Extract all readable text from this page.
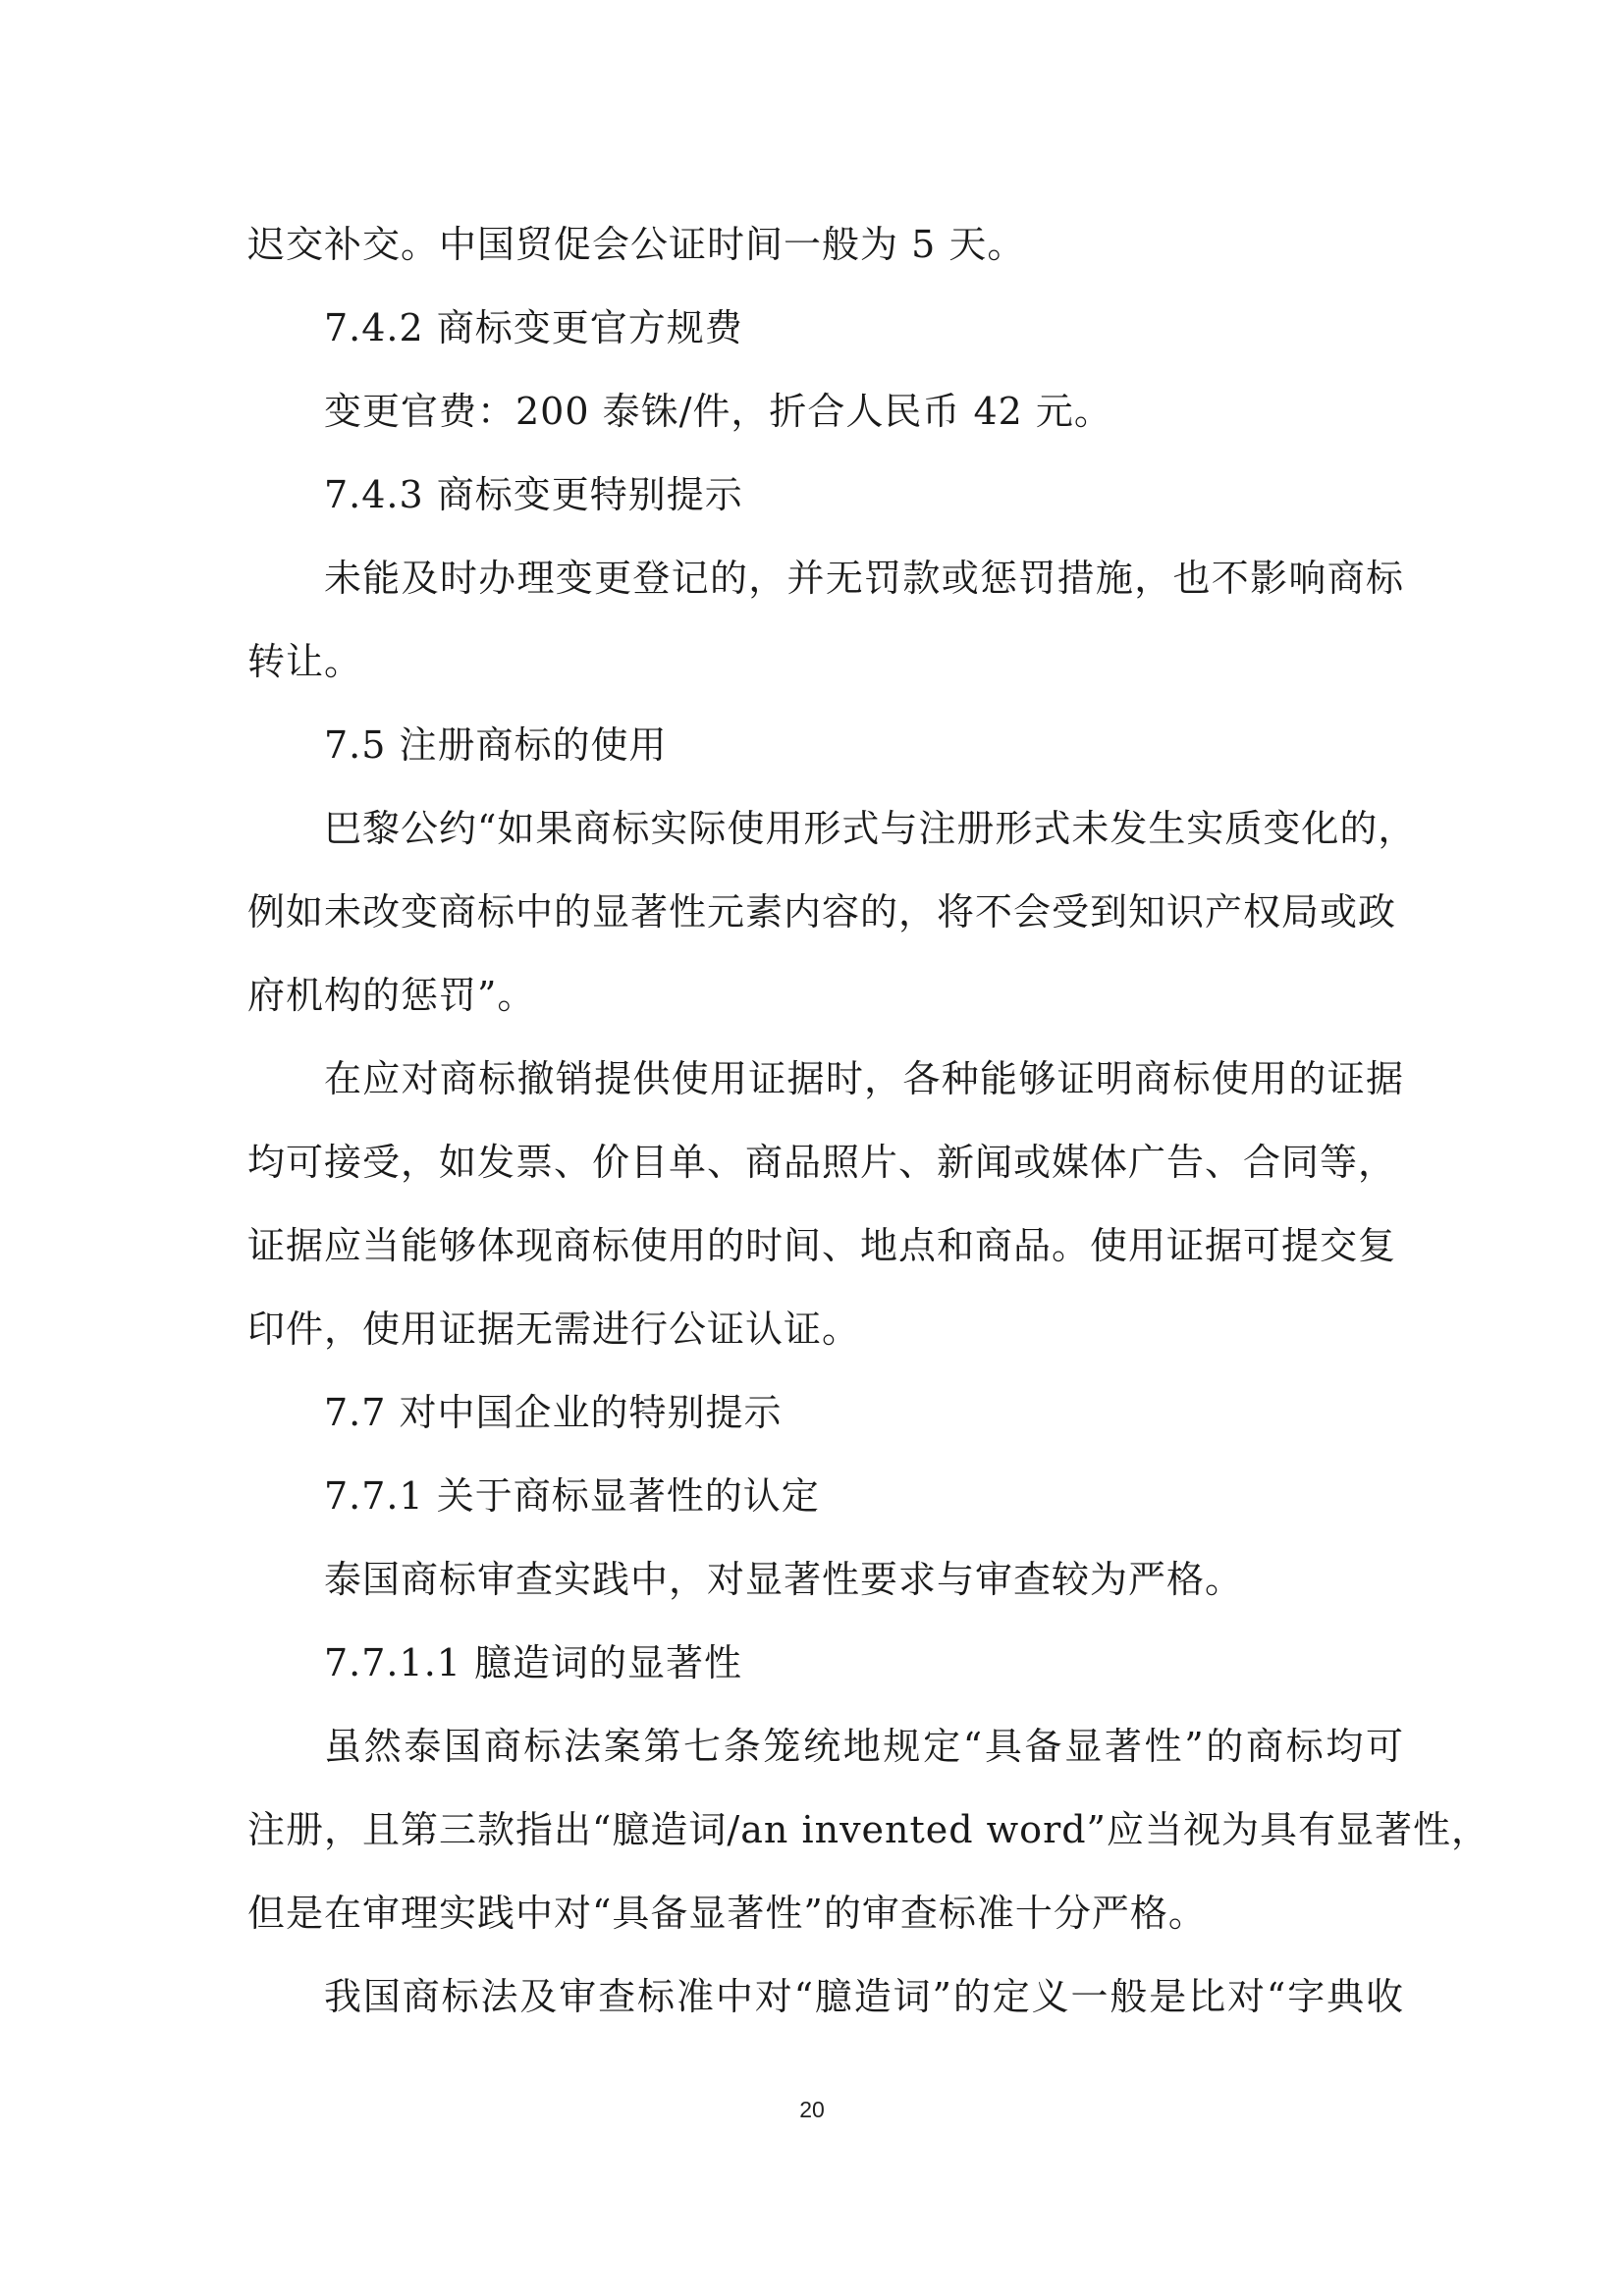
迟交补交。中国贸促会公证时间一般为 5 天。
7.4.2 商标变更官方规费
变更官费：200 泰铢/件，折合人民币 42 元。
7.4.3 商标变更特别提示
未能及时办理变更登记的，并无罚款或惩罚措施，也不影响商标
转让。
7.5 注册商标的使用
巴黎公约“如果商标实际使用形式与注册形式未发生实质变化的，
例如未改变商标中的显著性元素内容的，将不会受到知识产权局或政
府机构的惩罚”。
在应对商标撤销提供使用证据时，各种能够证明商标使用的证据
均可接受，如发票、价目单、商品照片、新闻或媒体广告、合同等，
证据应当能够体现商标使用的时间、地点和商品。使用证据可提交复
印件，使用证据无需进行公证认证。
7.7 对中国企业的特别提示
7.7.1 关于商标显著性的认定
泰国商标审查实践中，对显著性要求与审查较为严格。
7.7.1.1 臆造词的显著性
虽然泰国商标法案第七条笼统地规定“具备显著性”的商标均可
注册，且第三款指出“臆造词/an invented word”应当视为具有显著性，
但是在审理实践中对“具备显著性”的审查标准十分严格。
我国商标法及审查标准中对“臆造词”的定义一般是比对“字典收
20
